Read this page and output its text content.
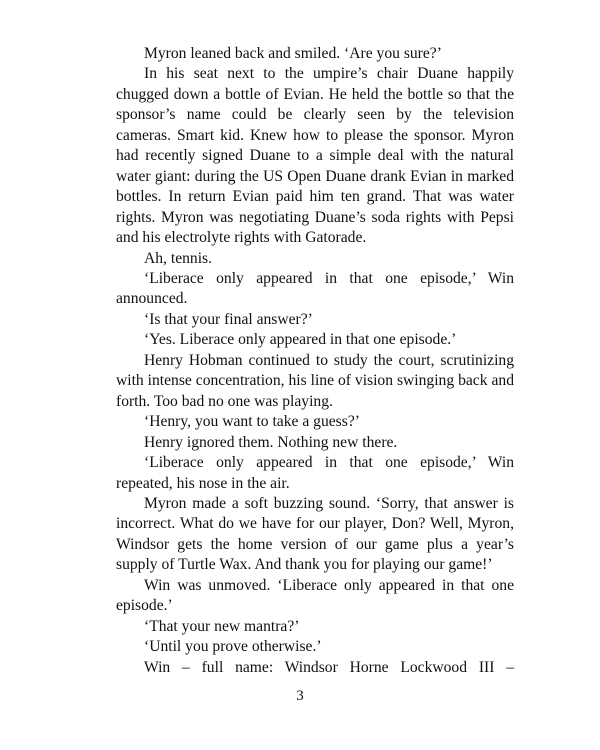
Myron leaned back and smiled. ‘Are you sure?’

In his seat next to the umpire’s chair Duane happily chugged down a bottle of Evian. He held the bottle so that the sponsor’s name could be clearly seen by the television cameras. Smart kid. Knew how to please the sponsor. Myron had recently signed Duane to a simple deal with the natural water giant: during the US Open Duane drank Evian in marked bottles. In return Evian paid him ten grand. That was water rights. Myron was negotiating Duane’s soda rights with Pepsi and his electrolyte rights with Gatorade.

Ah, tennis.

‘Liberace only appeared in that one episode,’ Win announced.

‘Is that your final answer?’

‘Yes. Liberace only appeared in that one episode.’

Henry Hobman continued to study the court, scrutinizing with intense concentration, his line of vision swinging back and forth. Too bad no one was playing.

‘Henry, you want to take a guess?’

Henry ignored them. Nothing new there.

‘Liberace only appeared in that one episode,’ Win repeated, his nose in the air.

Myron made a soft buzzing sound. ‘Sorry, that answer is incorrect. What do we have for our player, Don? Well, Myron, Windsor gets the home version of our game plus a year’s supply of Turtle Wax. And thank you for playing our game!’

Win was unmoved. ‘Liberace only appeared in that one episode.’

‘That your new mantra?’

‘Until you prove otherwise.’

Win – full name: Windsor Horne Lockwood III –

3
